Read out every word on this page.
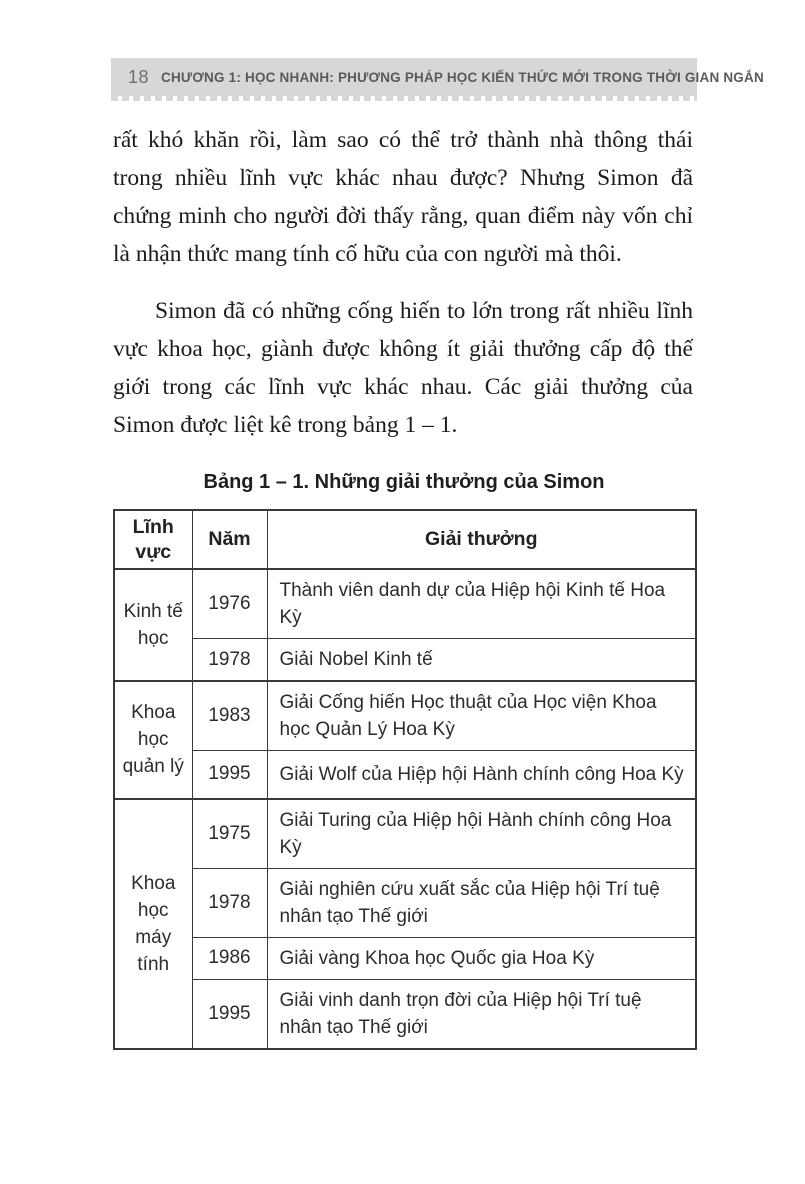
18 CHƯƠNG 1: HỌC NHANH: PHƯƠNG PHÁP HỌC KIẾN THỨC MỚI TRONG THỜI GIAN NGẮN

rất khó khăn rồi, làm sao có thể trở thành nhà thông thái trong nhiều lĩnh vực khác nhau được? Nhưng Simon đã chứng minh cho người đời thấy rằng, quan điểm này vốn chỉ là nhận thức mang tính cố hữu của con người mà thôi.

Simon đã có những cống hiến to lớn trong rất nhiều lĩnh vực khoa học, giành được không ít giải thưởng cấp độ thế giới trong các lĩnh vực khác nhau. Các giải thưởng của Simon được liệt kê trong bảng 1 – 1.

Bảng 1 – 1. Những giải thưởng của Simon
Lĩnh vực	Năm	Giải thưởng
Kinh tế học	1976	Thành viên danh dự của Hiệp hội Kinh tế Hoa Kỳ
	1978	Giải Nobel Kinh tế
Khoa học quản lý	1983	Giải Cống hiến Học thuật của Học viện Khoa học Quản Lý Hoa Kỳ
	1995	Giải Wolf của Hiệp hội Hành chính công Hoa Kỳ
Khoa học máy tính	1975	Giải Turing của Hiệp hội Hành chính công Hoa Kỳ
	1978	Giải nghiên cứu xuất sắc của Hiệp hội Trí tuệ nhân tạo Thế giới
	1986	Giải vàng Khoa học Quốc gia Hoa Kỳ
	1995	Giải vinh danh trọn đời của Hiệp hội Trí tuệ nhân tạo Thế giới
